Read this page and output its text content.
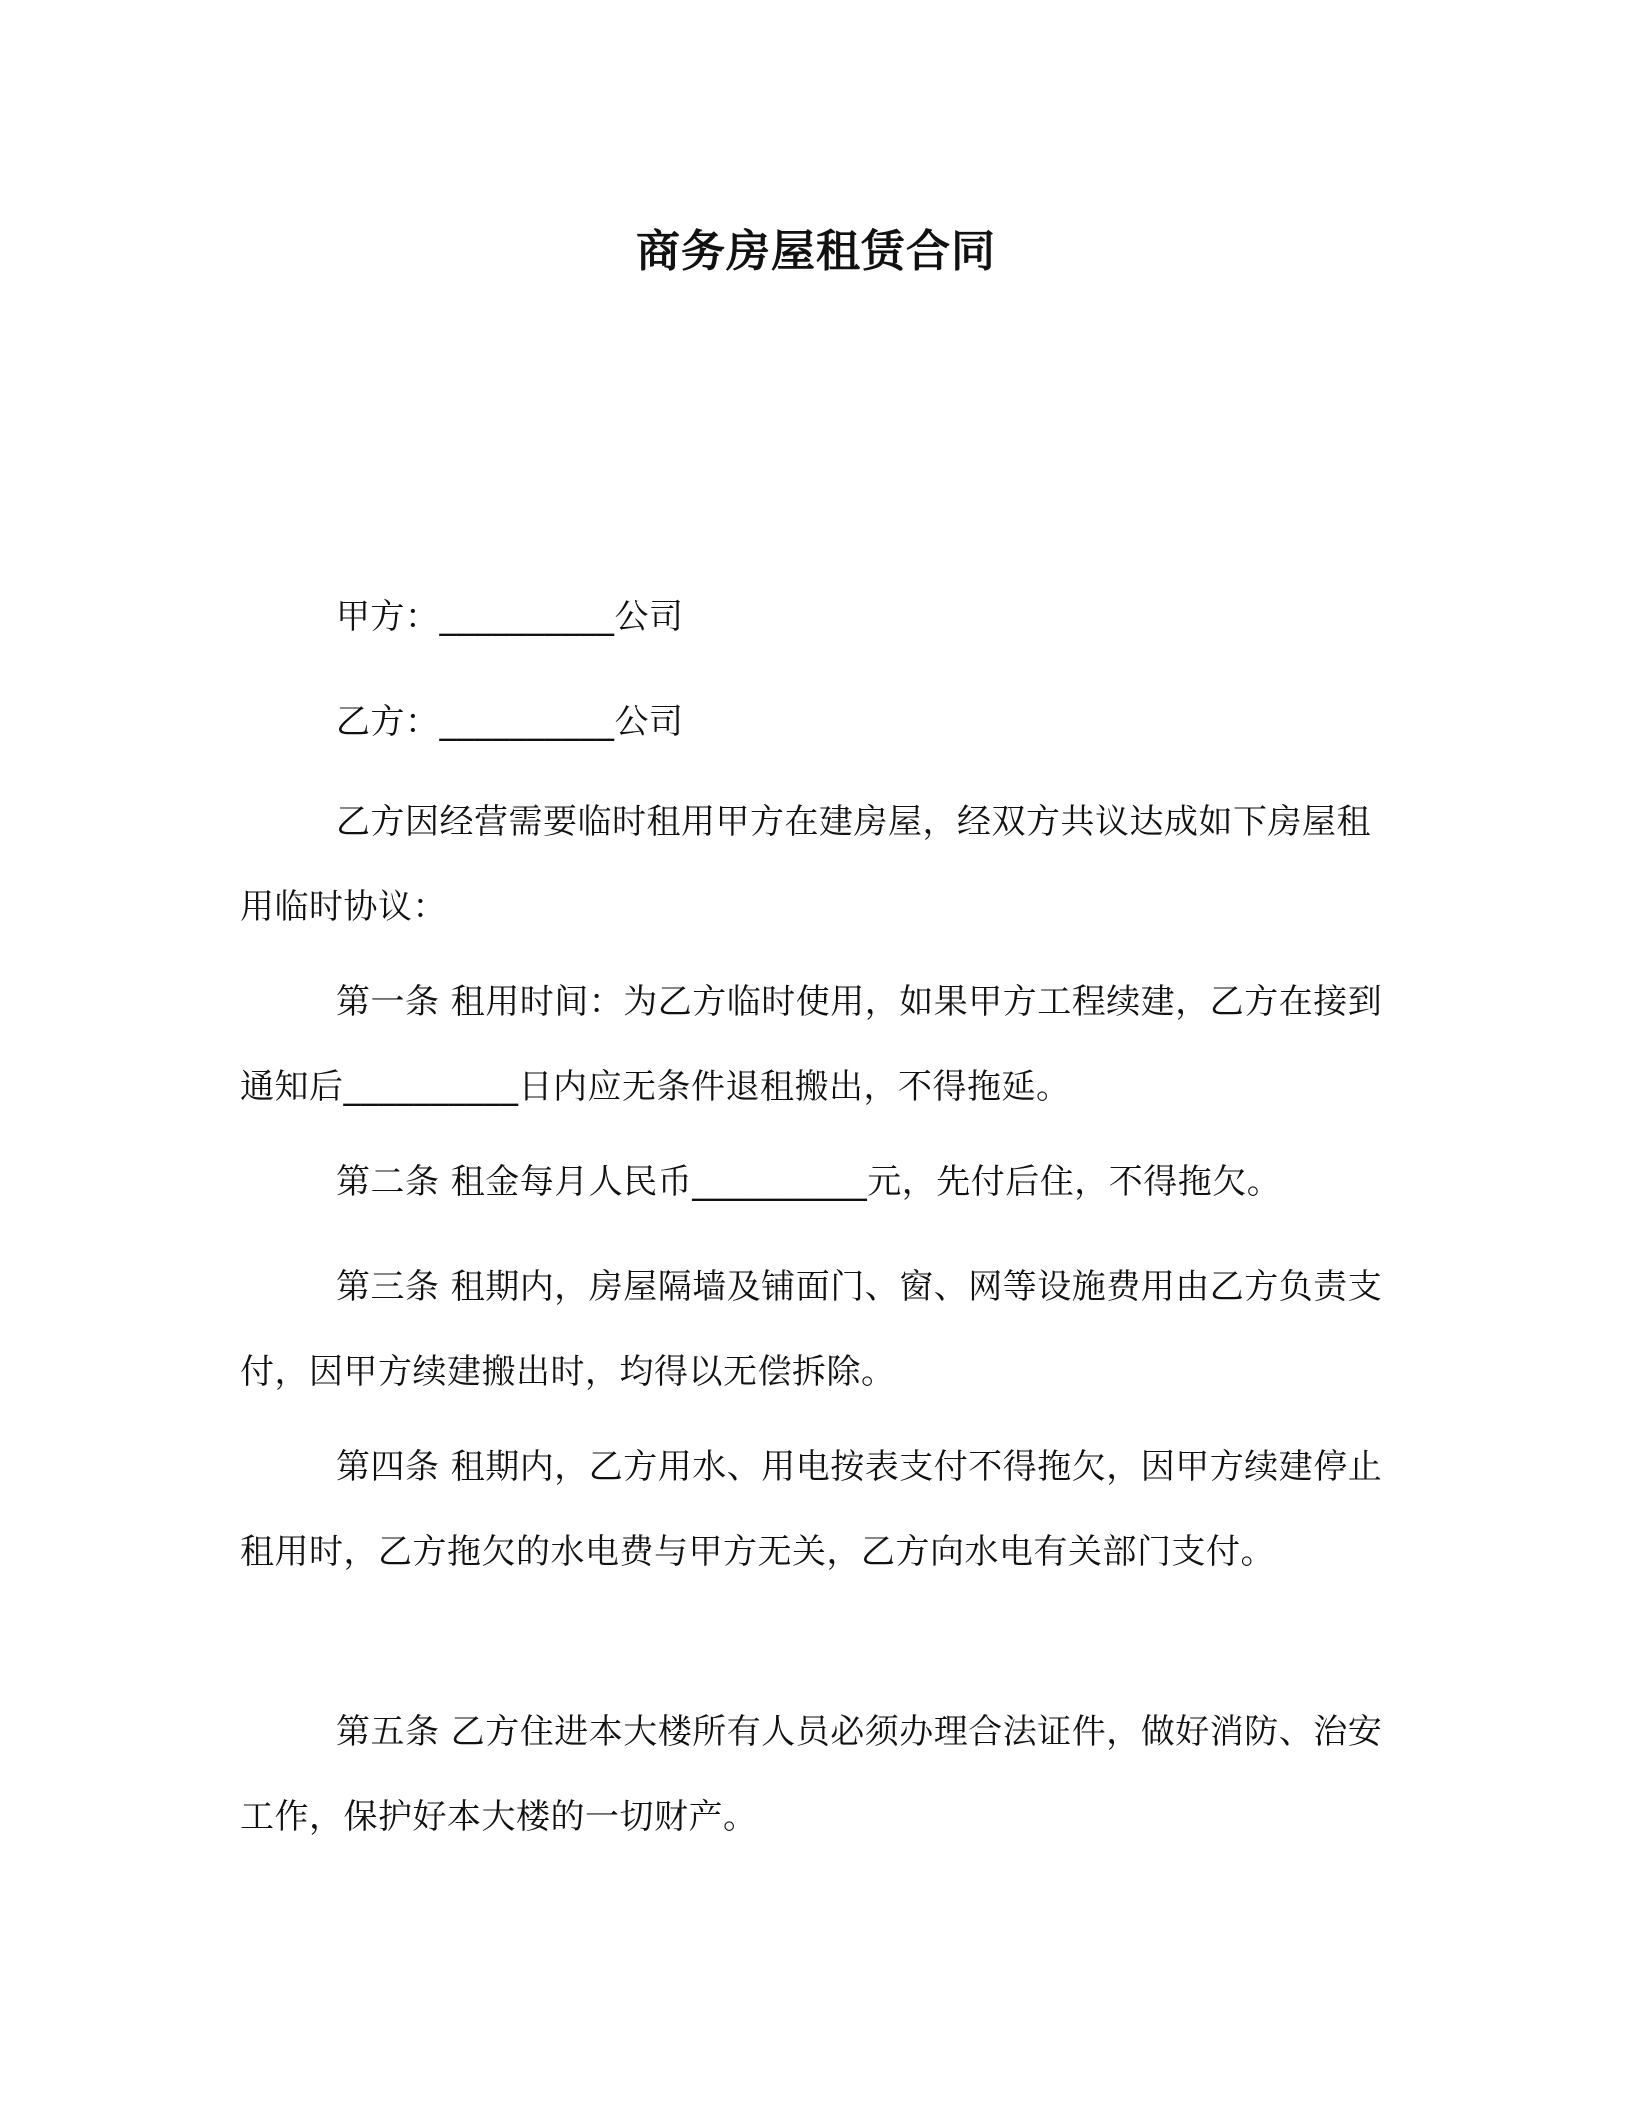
商务房屋租赁合同

甲方：__________公司

乙方：__________公司

乙方因经营需要临时租用甲方在建房屋，经双方共议达成如下房屋租用临时协议：

第一条 租用时间：为乙方临时使用，如果甲方工程续建，乙方在接到通知后__________日内应无条件退租搬出，不得拖延。

第二条 租金每月人民币__________元，先付后住，不得拖欠。

第三条 租期内，房屋隔墙及铺面门、窗、网等设施费用由乙方负责支付，因甲方续建搬出时，均得以无偿拆除。

第四条 租期内，乙方用水、用电按表支付不得拖欠，因甲方续建停止租用时，乙方拖欠的水电费与甲方无关，乙方向水电有关部门支付。

第五条 乙方住进本大楼所有人员必须办理合法证件，做好消防、治安工作，保护好本大楼的一切财产。
